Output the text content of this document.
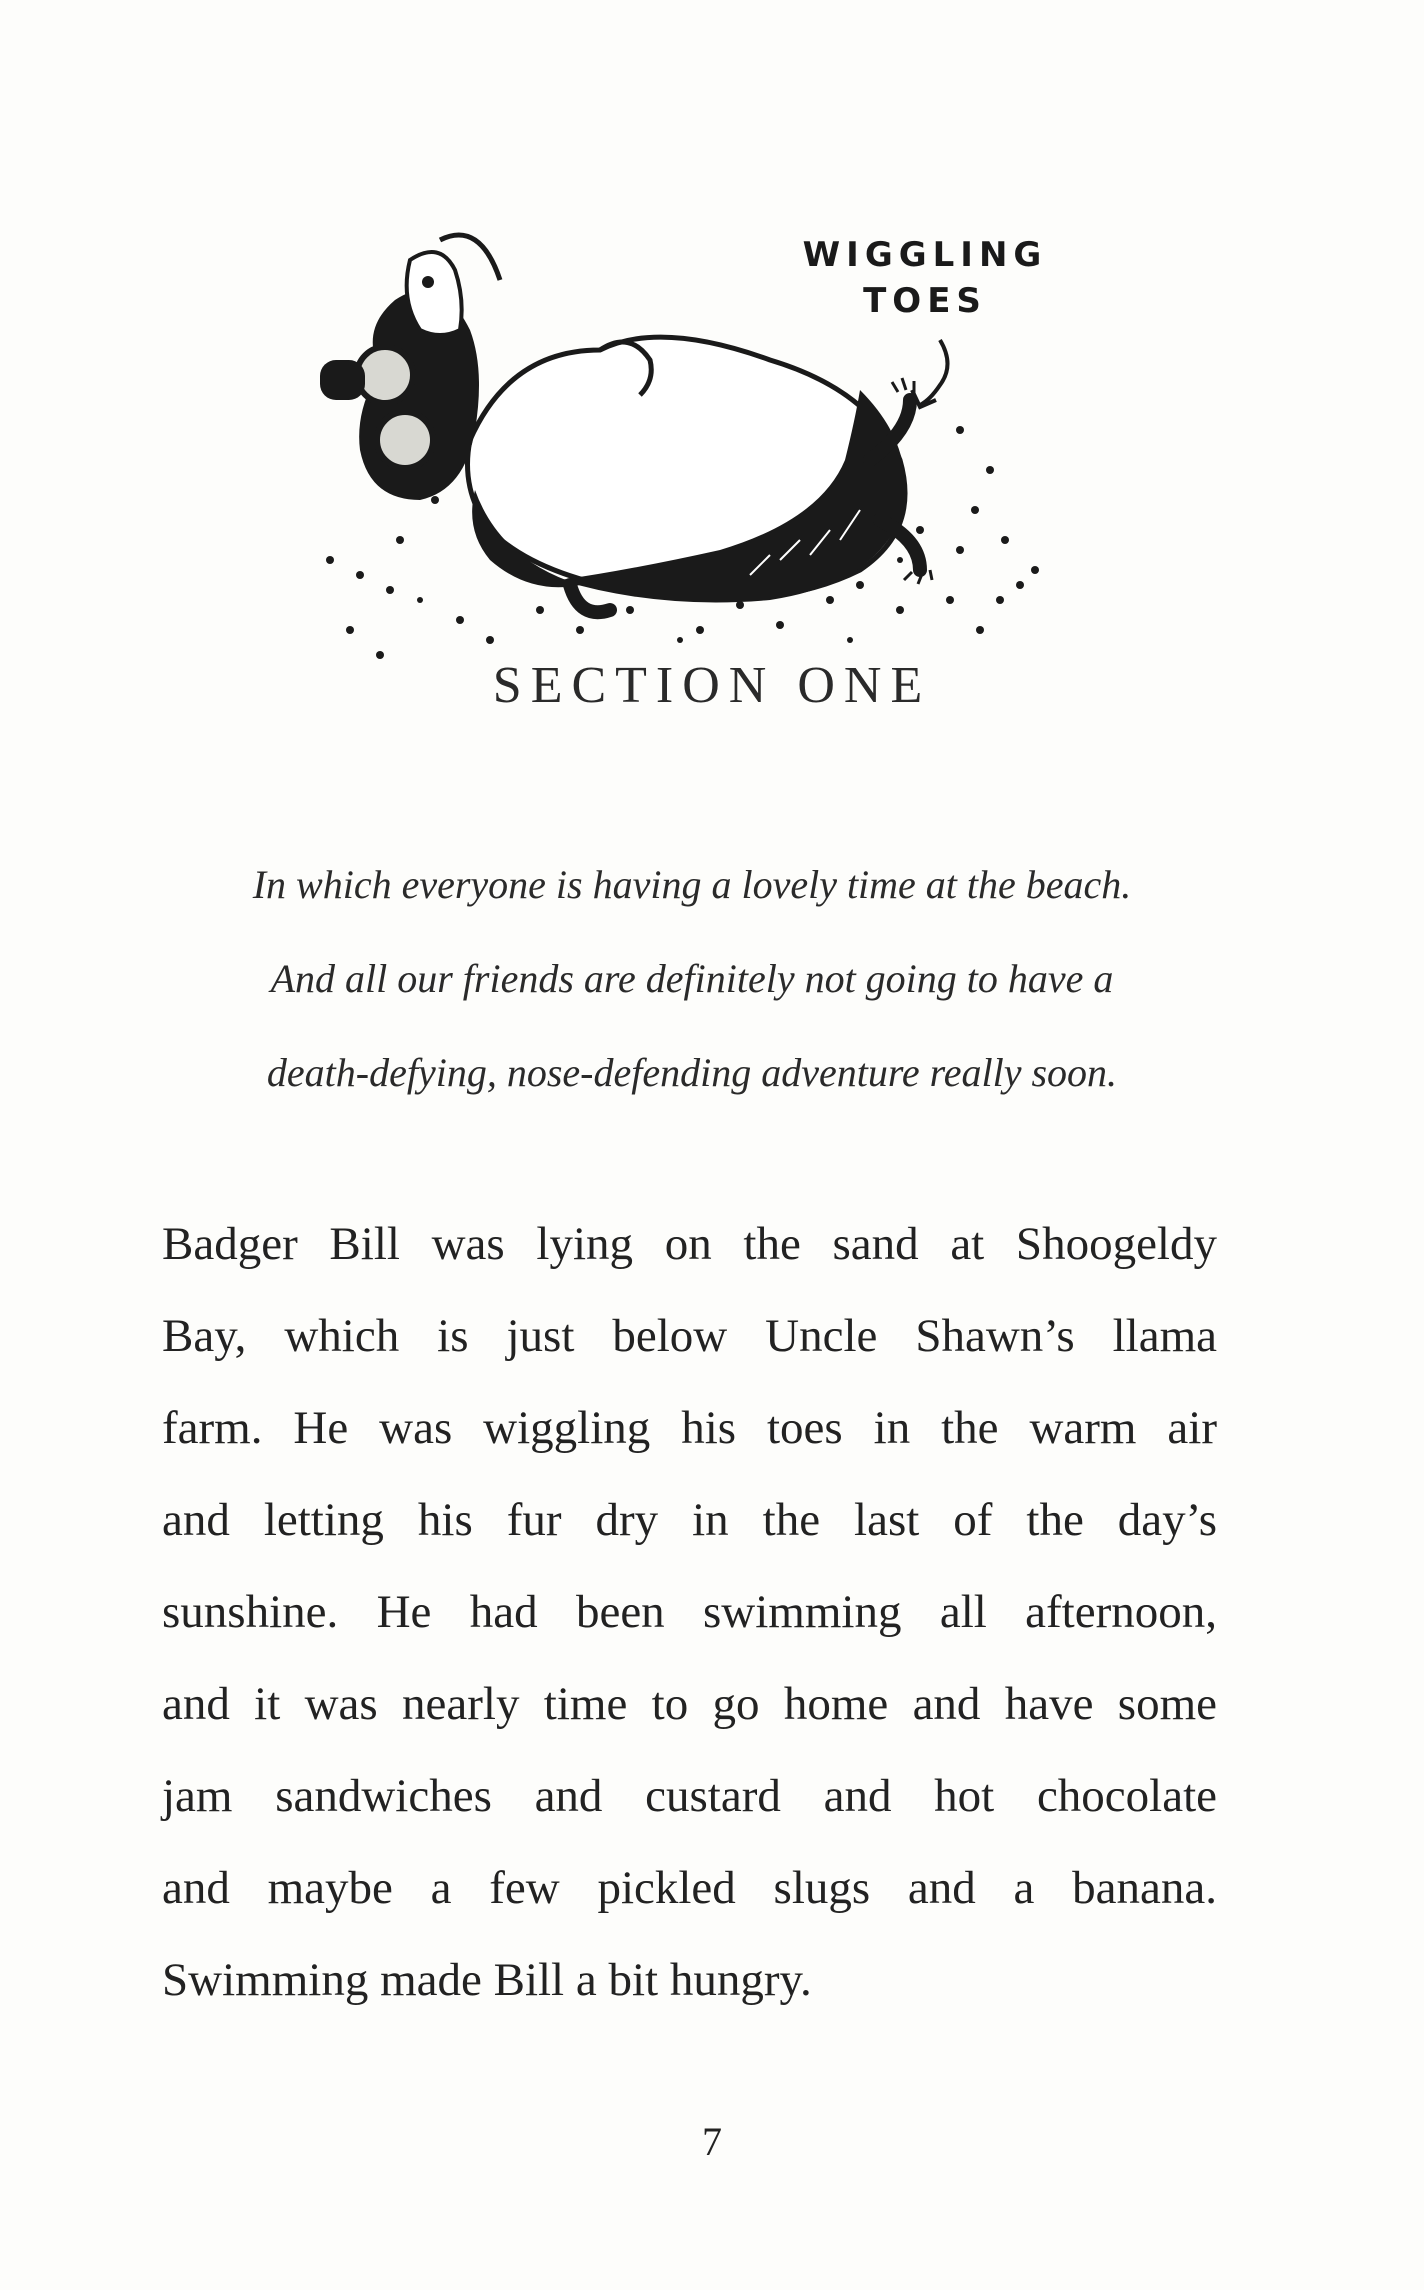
WIGGLING
TOES
SECTION ONE
In which everyone is having a lovely time at the beach.
And all our friends are definitely not going to have a
death-defying, nose-defending adventure really soon.
Badger Bill was lying on the sand at Shoogeldy
Bay, which is just below Uncle Shawn’s llama
farm. He was wiggling his toes in the warm air
and letting his fur dry in the last of the day’s
sunshine. He had been swimming all afternoon,
and it was nearly time to go home and have some
jam sandwiches and custard and hot chocolate
and maybe a few pickled slugs and a banana.
Swimming made Bill a bit hungry.
7
